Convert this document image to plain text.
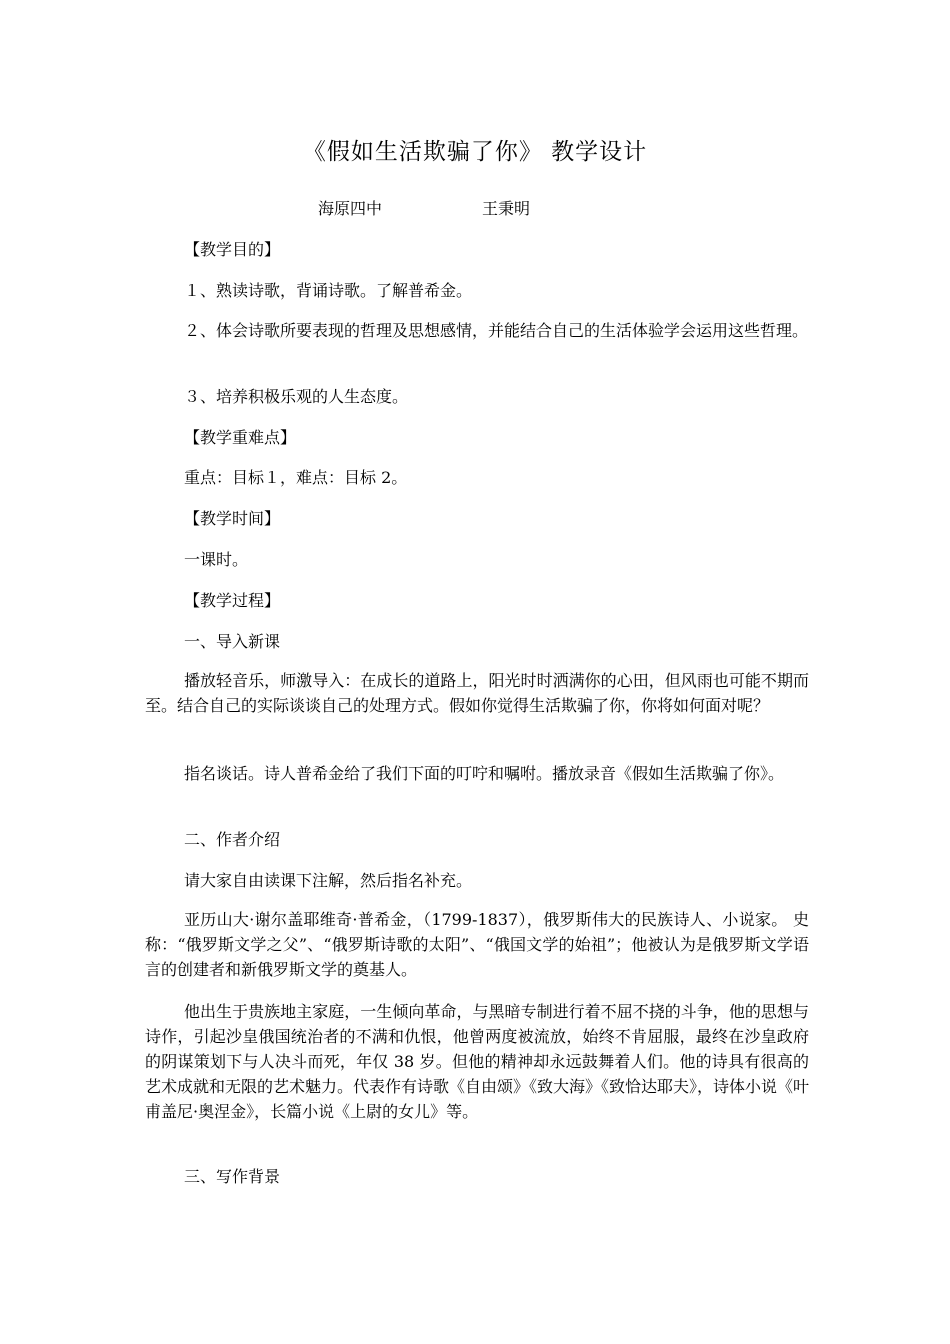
《假如生活欺骗了你》 教学设计
海原四中	王秉明
【教学目的】
１、熟读诗歌，背诵诗歌。了解普希金。
２、体会诗歌所要表现的哲理及思想感情，并能结合自己的生活体验学会运用这些哲理。
３、培养积极乐观的人生态度。
【教学重难点】
重点：目标１，难点：目标 2。
【教学时间】
一课时。
【教学过程】
一、导入新课
播放轻音乐，师激导入：在成长的道路上，阳光时时洒满你的心田，但风雨也可能不期而至。结合自己的实际谈谈自己的处理方式。假如你觉得生活欺骗了你，你将如何面对呢？
指名谈话。诗人普希金给了我们下面的叮咛和嘱咐。播放录音《假如生活欺骗了你》。
二、作者介绍
请大家自由读课下注解，然后指名补充。
亚历山大·谢尔盖耶维奇·普希金，（1799-1837），俄罗斯伟大的民族诗人、小说家。 史称：“俄罗斯文学之父”、“俄罗斯诗歌的太阳”、“俄国文学的始祖”；他被认为是俄罗斯文学语言的创建者和新俄罗斯文学的奠基人。
他出生于贵族地主家庭，一生倾向革命，与黑暗专制进行着不屈不挠的斗争，他的思想与诗作，引起沙皇俄国统治者的不满和仇恨，他曾两度被流放，始终不肯屈服，最终在沙皇政府的阴谋策划下与人决斗而死，年仅 38 岁。但他的精神却永远鼓舞着人们。他的诗具有很高的艺术成就和无限的艺术魅力。代表作有诗歌《自由颂》《致大海》《致恰达耶夫》，诗体小说《叶甫盖尼·奥涅金》，长篇小说《上尉的女儿》等。
三、写作背景
